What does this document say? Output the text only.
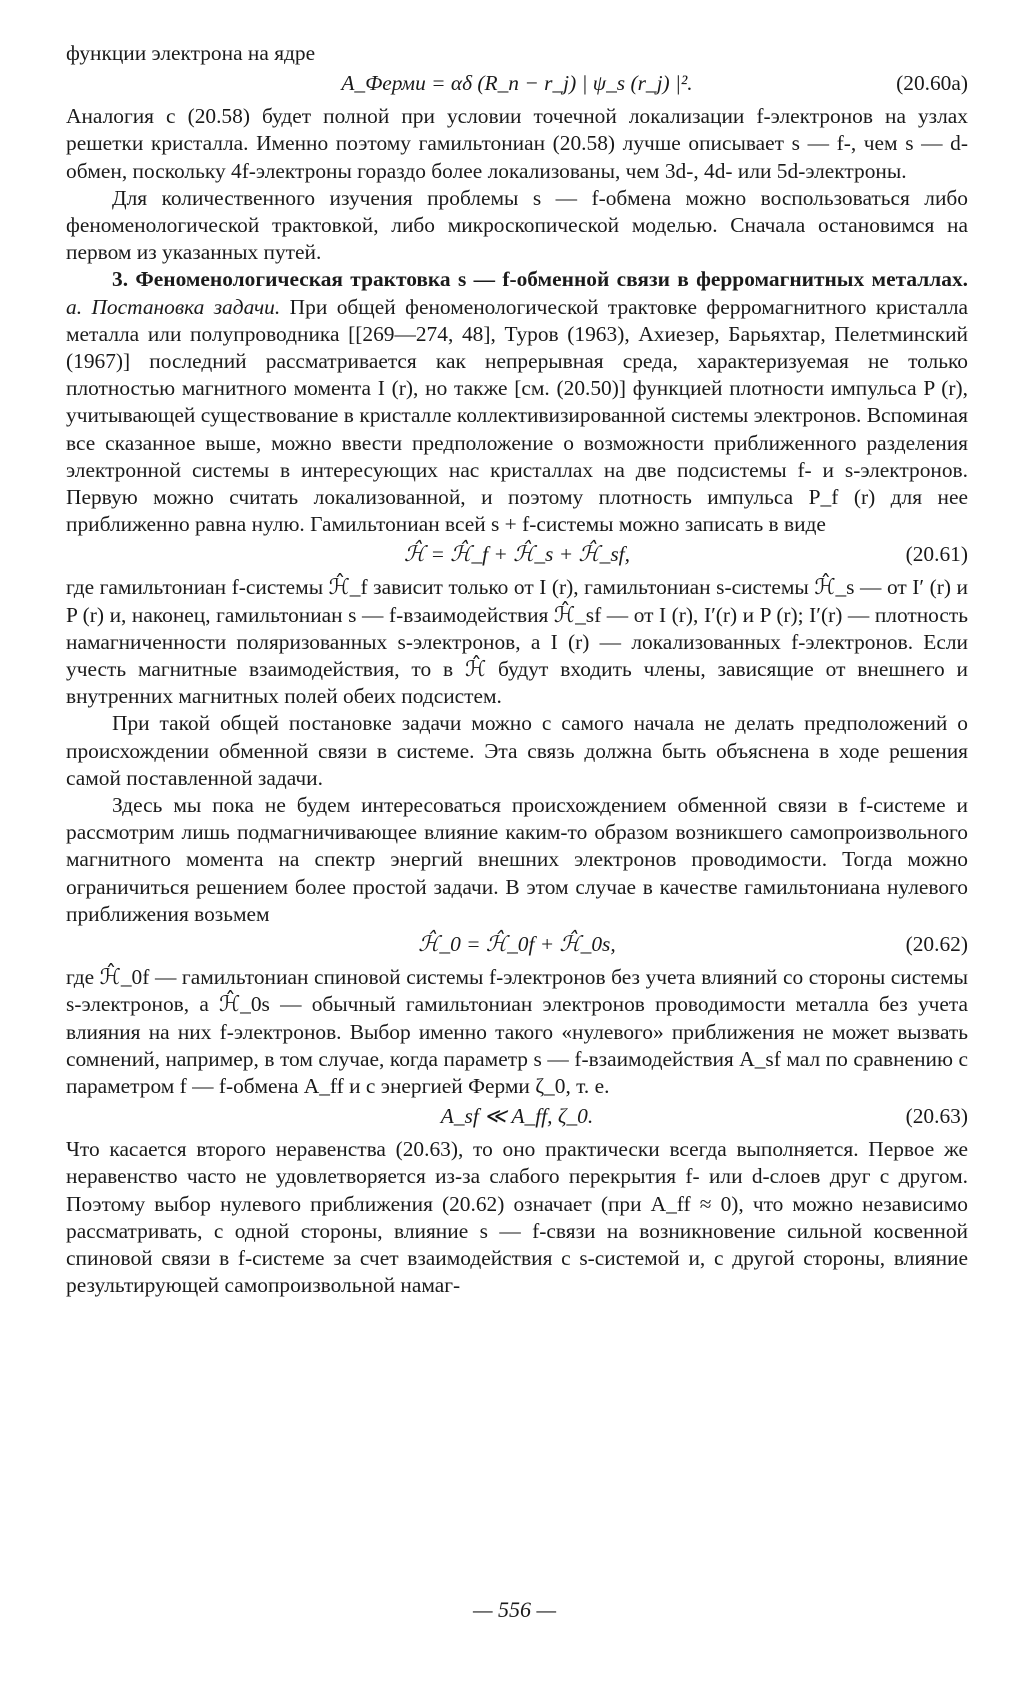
функции электрона на ядре

A_Ферми = αδ (R_n − r_j) | ψ_s (r_j) |².	(20.60а)

Аналогия с (20.58) будет полной при условии точечной локализации f-электронов на узлах решетки кристалла. Именно поэтому гамильтониан (20.58) лучше описывает s — f-, чем s — d-обмен, поскольку 4f-электроны гораздо более локализованы, чем 3d-, 4d- или 5d-электроны.

Для количественного изучения проблемы s — f-обмена можно воспользоваться либо феноменологической трактовкой, либо микроскопической моделью. Сначала остановимся на первом из указанных путей.

3. Феноменологическая трактовка s — f-обменной связи в ферромагнитных металлах. а. Постановка задачи. При общей феноменологической трактовке ферромагнитного кристалла металла или полупроводника [[269—274, 48], Туров (1963), Ахиезер, Барьяхтар, Пелетминский (1967)] последний рассматривается как непрерывная среда, характеризуемая не только плотностью магнитного момента I (r), но также [см. (20.50)] функцией плотности импульса P (r), учитывающей существование в кристалле коллективизированной системы электронов. Вспоминая все сказанное выше, можно ввести предположение о возможности приближенного разделения электронной системы в интересующих нас кристаллах на две подсистемы f- и s-электронов. Первую можно считать локализованной, и поэтому плотность импульса P_f (r) для нее приближенно равна нулю. Гамильтониан всей s + f-системы можно записать в виде

ℋ̂ = ℋ̂_f + ℋ̂_s + ℋ̂_sf,	(20.61)

где гамильтониан f-системы ℋ̂_f зависит только от I (r), гамильтониан s-системы ℋ̂_s — от I′ (r) и P (r) и, наконец, гамильтониан s — f-взаимодействия ℋ̂_sf — от I (r), I′(r) и P (r); I′(r) — плотность намагниченности поляризованных s-электронов, а I (r) — локализованных f-электронов. Если учесть магнитные взаимодействия, то в ℋ̂ будут входить члены, зависящие от внешнего и внутренних магнитных полей обеих подсистем.

При такой общей постановке задачи можно с самого начала не делать предположений о происхождении обменной связи в системе. Эта связь должна быть объяснена в ходе решения самой поставленной задачи.

Здесь мы пока не будем интересоваться происхождением обменной связи в f-системе и рассмотрим лишь подмагничивающее влияние каким-то образом возникшего самопроизвольного магнитного момента на спектр энергий внешних электронов проводимости. Тогда можно ограничиться решением более простой задачи. В этом случае в качестве гамильтониана нулевого приближения возьмем

ℋ̂_0 = ℋ̂_0f + ℋ̂_0s,	(20.62)

где ℋ̂_0f — гамильтониан спиновой системы f-электронов без учета влияний со стороны системы s-электронов, а ℋ̂_0s — обычный гамильтониан электронов проводимости металла без учета влияния на них f-электронов. Выбор именно такого «нулевого» приближения не может вызвать сомнений, например, в том случае, когда параметр s — f-взаимодействия A_sf мал по сравнению с параметром f — f-обмена A_ff и с энергией Ферми ζ_0, т. е.

A_sf ≪ A_ff, ζ_0.	(20.63)

Что касается второго неравенства (20.63), то оно практически всегда выполняется. Первое же неравенство часто не удовлетворяется из-за слабого перекрытия f- или d-слоев друг с другом. Поэтому выбор нулевого приближения (20.62) означает (при A_ff ≈ 0), что можно независимо рассматривать, с одной стороны, влияние s — f-связи на возникновение сильной косвенной спиновой связи в f-системе за счет взаимодействия с s-системой и, с другой стороны, влияние результирующей самопроизвольной намаг-

— 556 —
